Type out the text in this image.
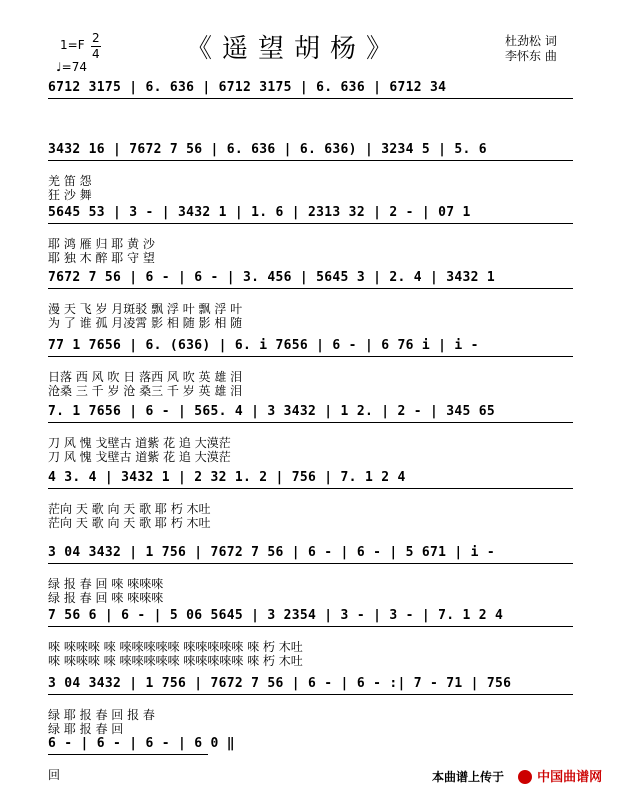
1=F 2
4
♩=74
《遥望胡杨》	杜劲松 词
李怀东 曲
6712 3175 | 6. 636 | 6712 3175 | 6. 636 | 6712 34
3432 16 | 7672 7 56 | 6. 636 | 6. 636) | 3234 5 | 5. 6
羌 笛 怨
狂 沙 舞
5645 53 | 3 - | 3432 1 | 1. 6 | 2313 32 | 2 - | 07 1
耶 鸿 雁 归 耶 黄 沙
耶 独 木 醉 耶 守 望
7672 7 56 | 6 - | 6 - | 3. 456 | 5645 3 | 2. 4 | 3432 1
漫 天 飞 岁 月斑驳 飘 浮 叶 飘 浮 叶
为 了 谁 孤 月凌霄 影 相 随 影 相 随
77 1 7656 | 6. (636) | 6. i 7656 | 6 - | 6 76 i | i -
日落 西 风 吹 日 落西 风 吹 英 雄 泪
沧桑 三 千 岁 沧 桑三 千 岁 英 雄 泪
7. 1 7656 | 6 - | 565. 4 | 3 3432 | 1 2. | 2 - | 345 65
刀 风 愧 戈壁古 道紫 花 追 大漠茫
刀 风 愧 戈壁古 道紫 花 追 大漠茫
4 3. 4 | 3432 1 | 2 32 1. 2 | 756 | 7. 1 2 4
茫向 天 歌 向 天 歌 耶 朽 木吐
茫向 天 歌 向 天 歌 耶 朽 木吐
3 04 3432 | 1 756 | 7672 7 56 | 6 - | 6 - | 5 671 | i -
绿 报 春 回 唻 唻唻唻
绿 报 春 回 唻 唻唻唻
7 56 6 | 6 - | 5 06 5645 | 3 2354 | 3 - | 3 - | 7. 1 2 4
唻 唻唻唻 唻 唻唻唻唻唻 唻唻唻唻唻 唻 朽 木吐
唻 唻唻唻 唻 唻唻唻唻唻 唻唻唻唻唻 唻 朽 木吐
3 04 3432 | 1 756 | 7672 7 56 | 6 - | 6 - :| 7 - 71 | 756
绿 耶 报 春 回 报 春
绿 耶 报 春 回
6 - | 6 - | 6 - | 6 0 ‖
回	本曲谱上传于	中国曲谱网
